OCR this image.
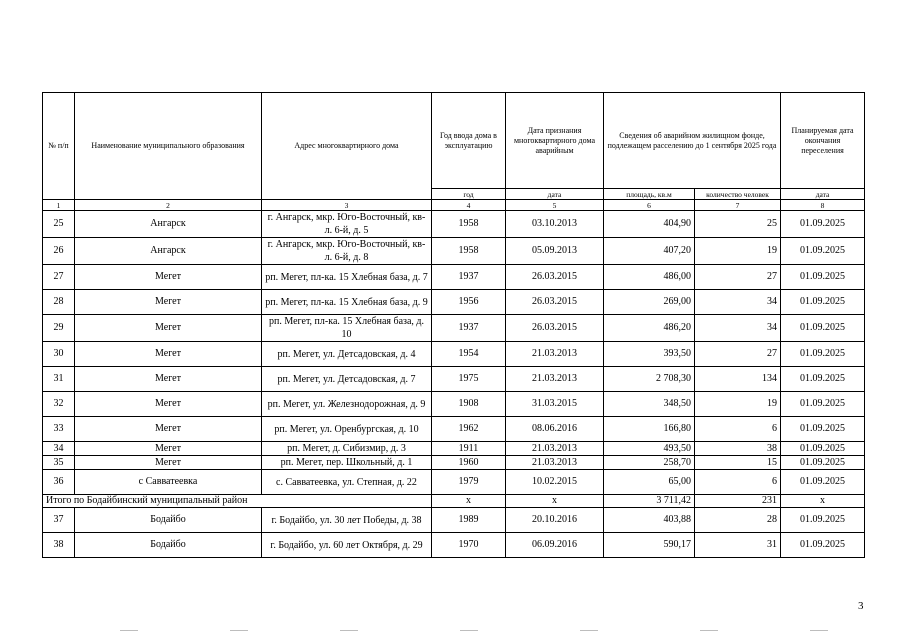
№ п/п	Наименование муниципального образования	Адрес многоквартирного дома	Год ввода дома в эксплуатацию	Дата признания многоквартирного дома аварийным	Сведения об аварийном жилищном фонде, подлежащем расселению до 1 сентября 2025 года		Планируемая дата окончания переселения
			год	дата	площадь, кв.м	количество человек	дата
1	2	3	4	5	6	7	8
25	Ангарск	г. Ангарск, мкр. Юго-Восточный, кв-л. 6-й, д. 5	1958	03.10.2013	404,90	25	01.09.2025
26	Ангарск	г. Ангарск, мкр. Юго-Восточный, кв-л. 6-й, д. 8	1958	05.09.2013	407,20	19	01.09.2025
27	Мегет	рп. Мегет, пл-ка. 15 Хлебная база, д. 7	1937	26.03.2015	486,00	27	01.09.2025
28	Мегет	рп. Мегет, пл-ка. 15 Хлебная база, д. 9	1956	26.03.2015	269,00	34	01.09.2025
29	Мегет	рп. Мегет, пл-ка. 15 Хлебная база, д. 10	1937	26.03.2015	486,20	34	01.09.2025
30	Мегет	рп. Мегет, ул. Детсадовская, д. 4	1954	21.03.2013	393,50	27	01.09.2025
31	Мегет	рп. Мегет, ул. Детсадовская, д. 7	1975	21.03.2013	2 708,30	134	01.09.2025
32	Мегет	рп. Мегет, ул. Железнодорожная, д. 9	1908	31.03.2015	348,50	19	01.09.2025
33	Мегет	рп. Мегет, ул. Оренбургская, д. 10	1962	08.06.2016	166,80	6	01.09.2025
34	Мегет	рп. Мегет, д. Сибизмир, д. 3	1911	21.03.2013	493,50	38	01.09.2025
35	Мегет	рп. Мегет, пер. Школьный, д. 1	1960	21.03.2013	258,70	15	01.09.2025
36	с Савватеевка	с. Савватеевка, ул. Степная, д. 22	1979	10.02.2015	65,00	6	01.09.2025
Итого по Бодайбинский муниципальный район			х	х	3 711,42	231	х
37	Бодайбо	г. Бодайбо, ул. 30 лет Победы, д. 38	1989	20.10.2016	403,88	28	01.09.2025
38	Бодайбо	г. Бодайбо, ул. 60 лет Октября, д. 29	1970	06.09.2016	590,17	31	01.09.2025
3
